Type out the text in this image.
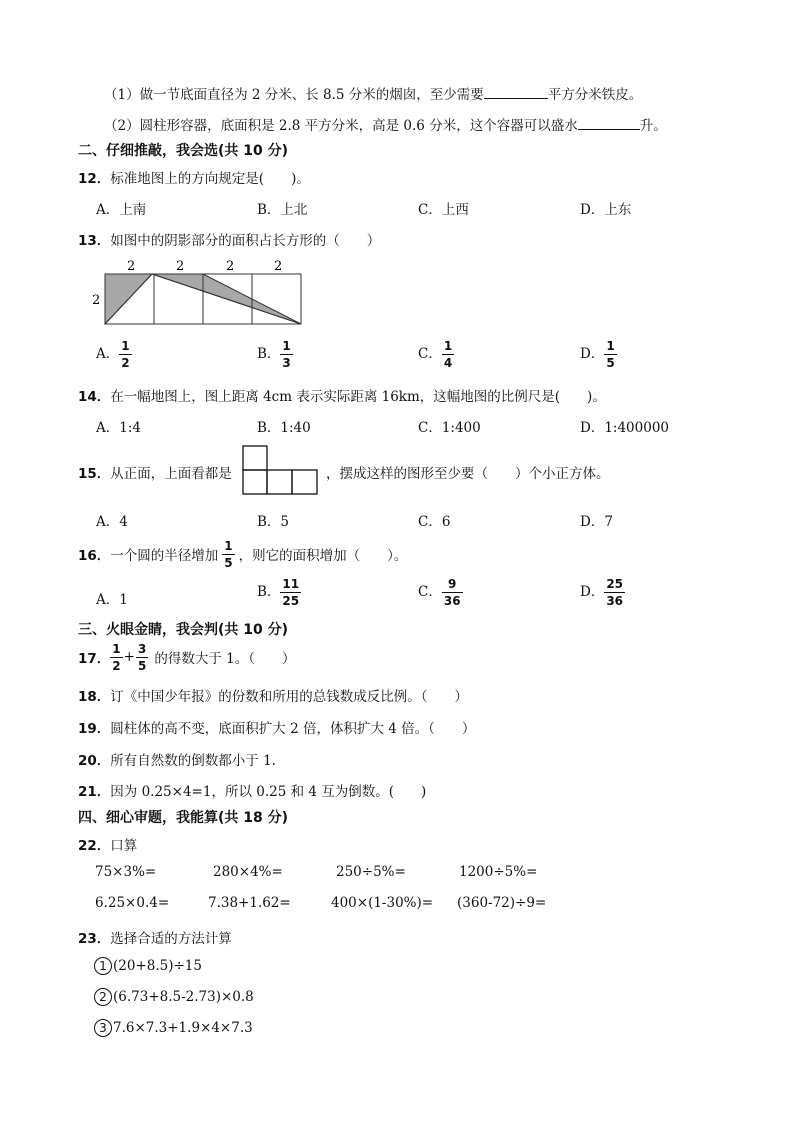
（1）做一节底面直径为 2 分米、长 8.5 分米的烟囱，至少需要	平方分米铁皮。
（2）圆柱形容器，底面积是 2.8 平方分米，高是 0.6 分米，这个容器可以盛水	升。
二、仔细推敲，我会选(共 10 分)
12．标准地图上的方向规定是(　　)。
A．上南	B．上北	C．上西	D．上东
13．如图中的阴影部分的面积占长方形的（　　）
2	2	2	2
2
A． $\frac{1}{2}$	B． $\frac{1}{3}$	C． $\frac{1}{4}$	D． $\frac{1}{5}$
14．在一幅地图上，图上距离 4cm 表示实际距离 16km，这幅地图的比例尺是(　　)。
A．1:4	B．1:40	C．1:400	D．1:400000
15．从正面，上面看都是	，摆成这样的图形至少要（　　）个小正方体。
A．4	B．5	C．6	D．7
16． 一个圆的半径增加 $\frac{1}{5}$ ，则它的面积增加（　　）。
A．1	B． $\frac{11}{25}$	C． $\frac{9}{36}$	D． $\frac{25}{36}$
三、火眼金睛，我会判(共 10 分)
17． $\frac{1}{2} + \frac{3}{5}$ 的得数大于 1。（　　）
18．订《中国少年报》的份数和所用的总钱数成反比例。（　　）
19．圆柱体的高不变，底面积扩大 2 倍，体积扩大 4 倍。（　　）
20．所有自然数的倒数都小于 1.
21．因为 0.25×4=1，所以 0.25 和 4 互为倒数。(　　)
四、细心审题，我能算(共 18 分)
22．口算
75×3%=	280×4%=	250÷5%=	1200÷5%=
6.25×0.4=	7.38+1.62=	400×(1-30%)= (360-72)÷9=
23．选择合适的方法计算
1 (20+8.5)÷15
2 (6.73+8.5-2.73)×0.8
3 7.6×7.3+1.9×4×7.3
